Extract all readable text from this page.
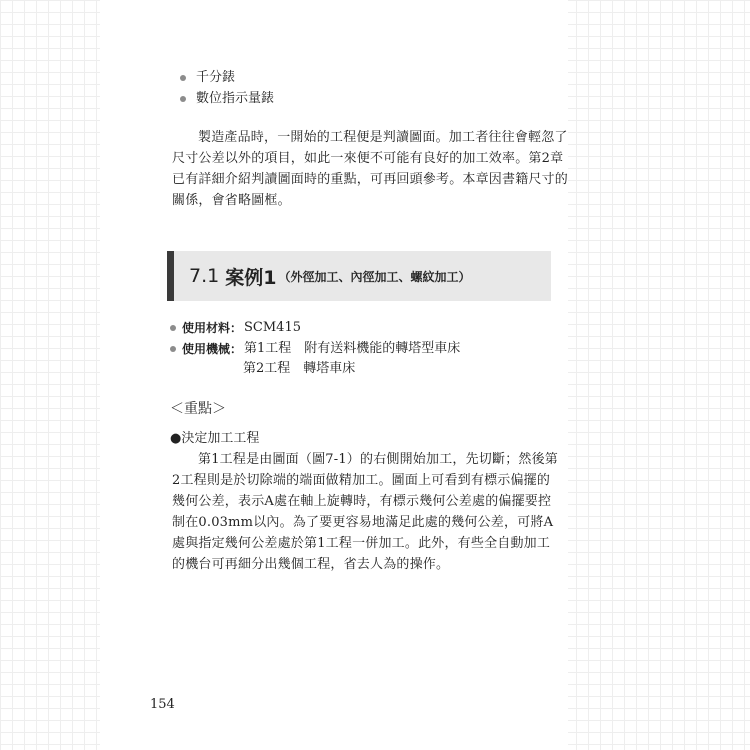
千分錶
數位指示量錶
製造產品時，一開始的工程便是判讀圖面。加工者往往會輕忽了尺寸公差以外的項目，如此一來便不可能有良好的加工效率。第2章已有詳細介紹判讀圖面時的重點，可再回頭參考。本章因書籍尺寸的關係，會省略圖框。
7.1 案例1 （外徑加工、內徑加工、螺紋加工）
使用材料： SCM415
使用機械： 第1工程　附有送料機能的轉塔型車床
第2工程　轉塔車床
＜重點＞
●決定加工工程
第1工程是由圖面（圖7-1）的右側開始加工，先切斷；然後第2工程則是於切除端的端面做精加工。圖面上可看到有標示偏擺的幾何公差，表示A處在軸上旋轉時，有標示幾何公差處的偏擺要控制在0.03mm以內。為了要更容易地滿足此處的幾何公差，可將A處與指定幾何公差處於第1工程一併加工。此外，有些全自動加工的機台可再細分出幾個工程，省去人為的操作。
154
